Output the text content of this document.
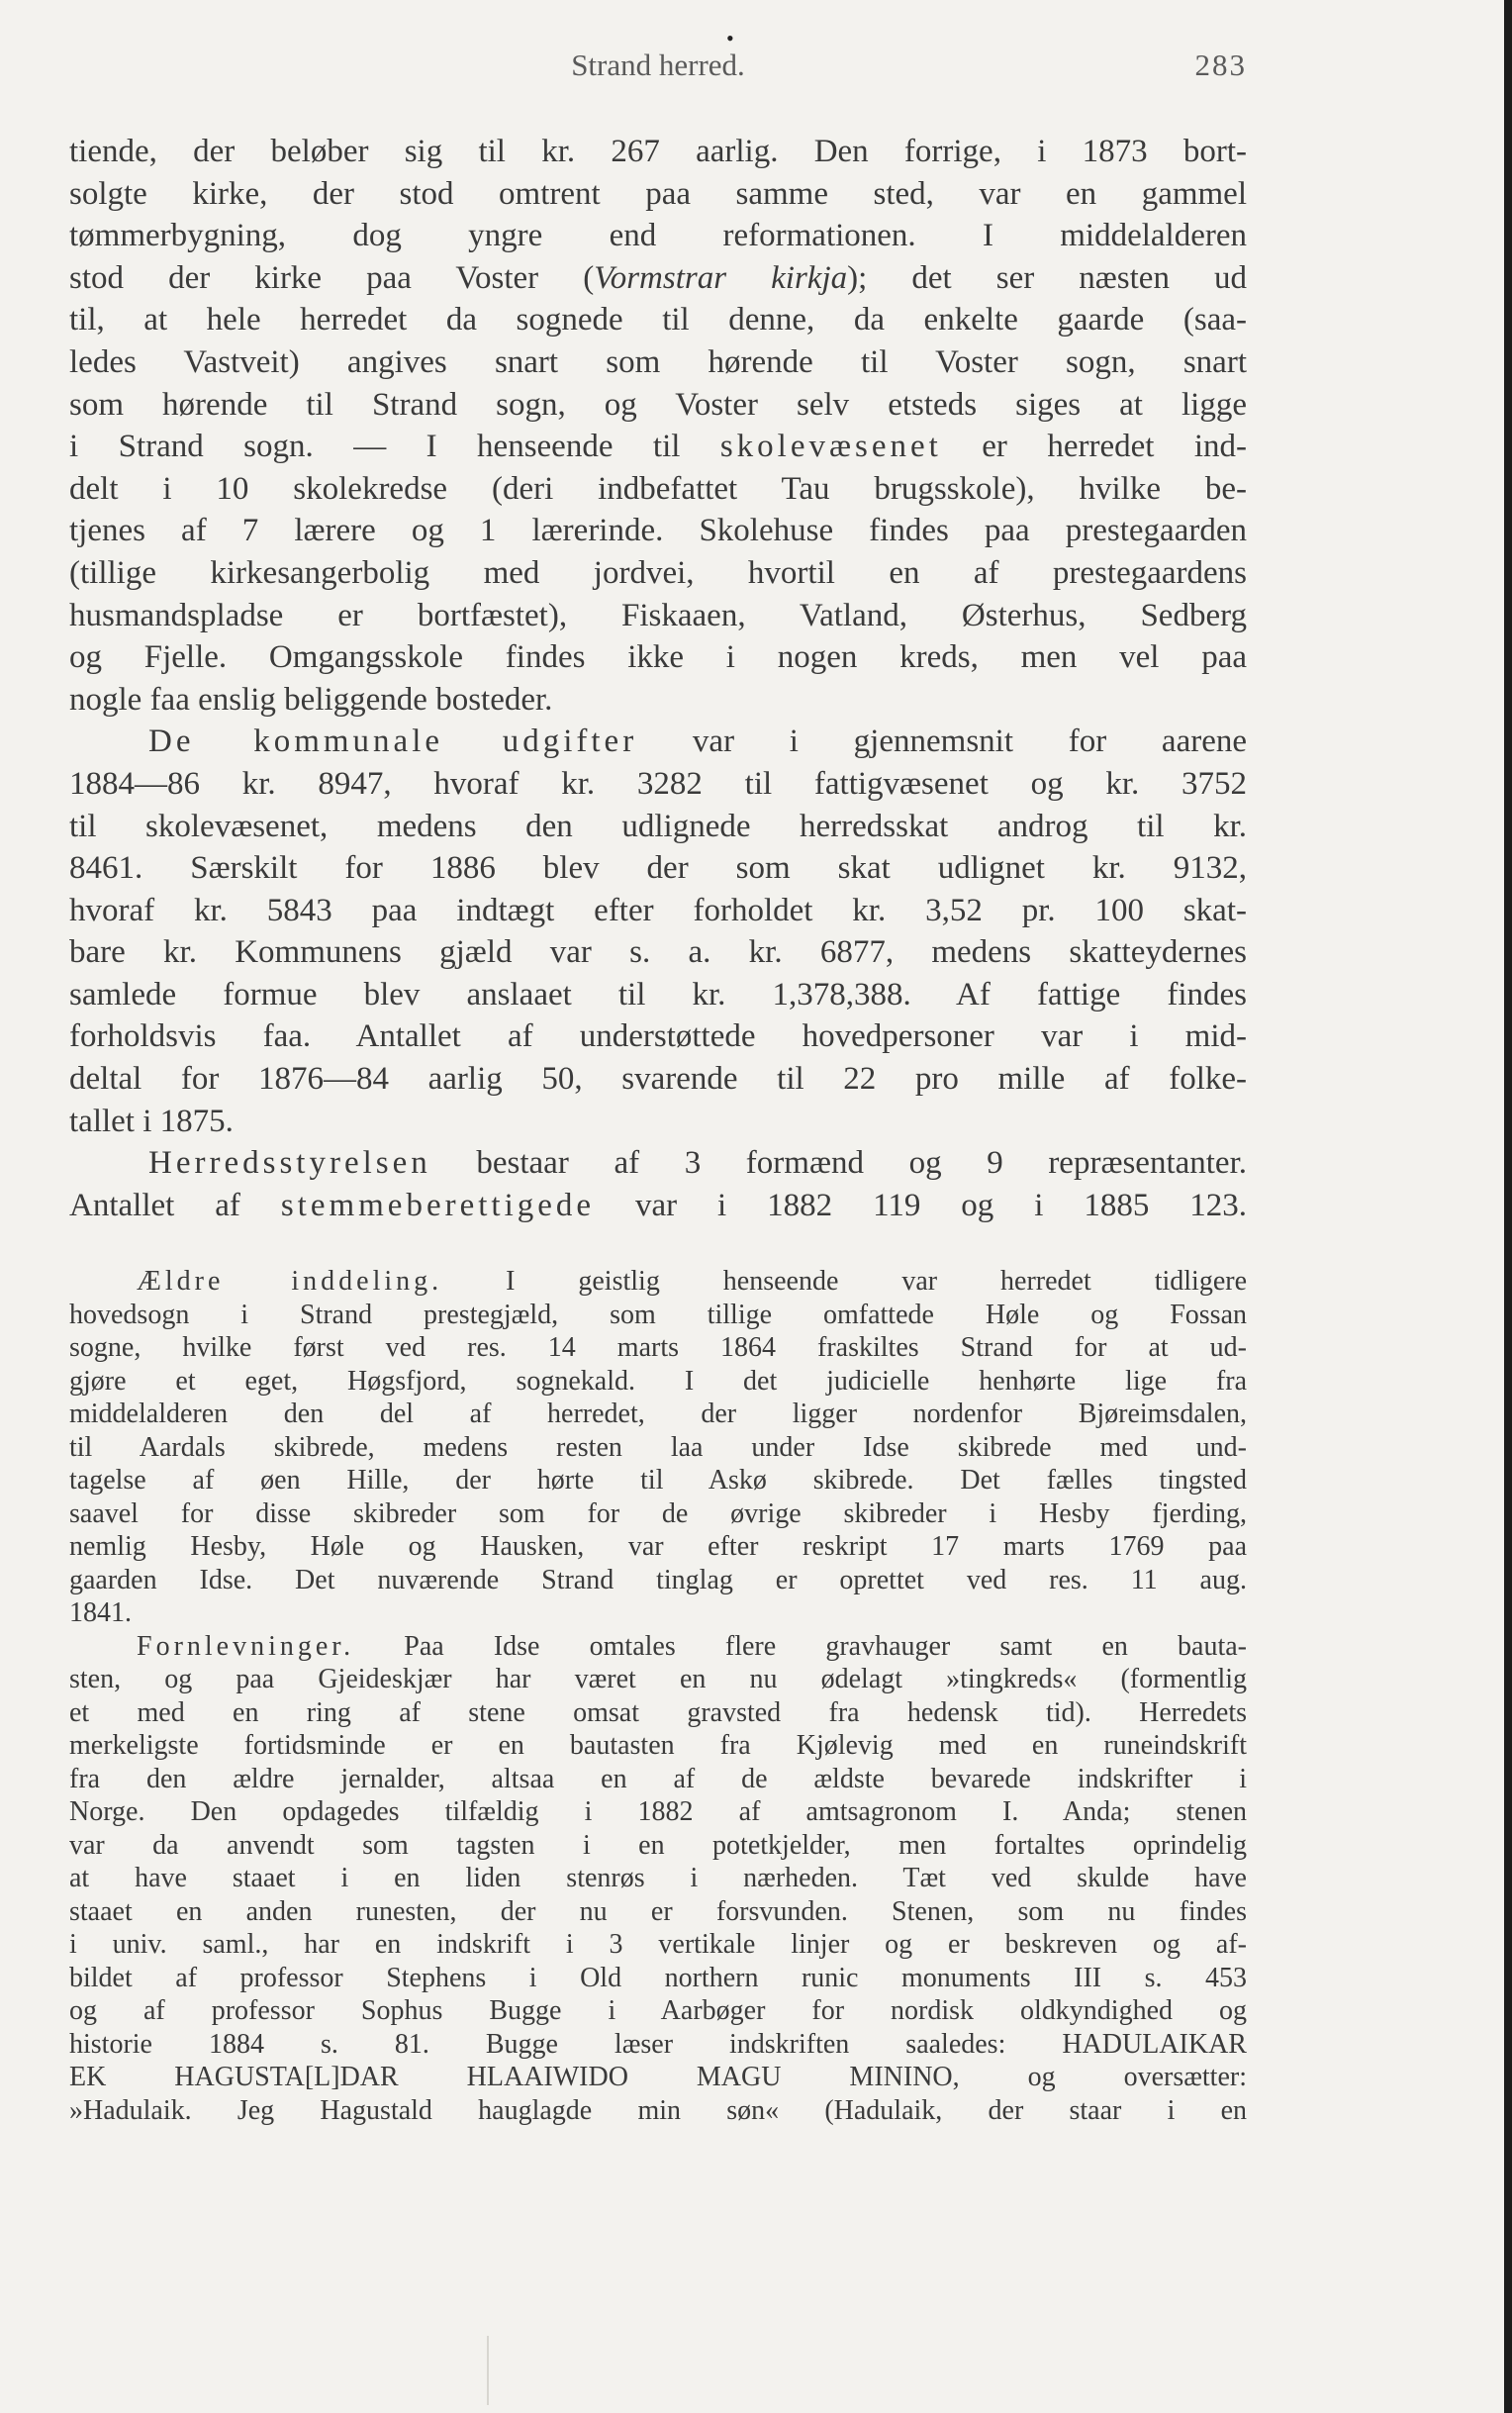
•
Strand herred.	283
tiende, der beløber sig til kr. 267 aarlig. Den forrige, i 1873 bort-
solgte kirke, der stod omtrent paa samme sted, var en gammel
tømmerbygning, dog yngre end reformationen. I middelalderen
stod der kirke paa Voster (Vormstrar kirkja); det ser næsten ud
til, at hele herredet da sognede til denne, da enkelte gaarde (saa-
ledes Vastveit) angives snart som hørende til Voster sogn, snart
som hørende til Strand sogn, og Voster selv etsteds siges at ligge
i Strand sogn. — I henseende til skolevæsenet er herredet ind-
delt i 10 skolekredse (deri indbefattet Tau brugsskole), hvilke be-
tjenes af 7 lærere og 1 lærerinde. Skolehuse findes paa prestegaarden
(tillige kirkesangerbolig med jordvei, hvortil en af prestegaardens
husmandspladse er bortfæstet), Fiskaaen, Vatland, Østerhus, Sedberg
og Fjelle. Omgangsskole findes ikke i nogen kreds, men vel paa
nogle faa enslig beliggende bosteder.
De kommunale udgifter var i gjennemsnit for aarene
1884—86 kr. 8947, hvoraf kr. 3282 til fattigvæsenet og kr. 3752
til skolevæsenet, medens den udlignede herredsskat androg til kr.
8461. Særskilt for 1886 blev der som skat udlignet kr. 9132,
hvoraf kr. 5843 paa indtægt efter forholdet kr. 3,52 pr. 100 skat-
bare kr. Kommunens gjæld var s. a. kr. 6877, medens skatteydernes
samlede formue blev anslaaet til kr. 1,378,388. Af fattige findes
forholdsvis faa. Antallet af understøttede hovedpersoner var i mid-
deltal for 1876—84 aarlig 50, svarende til 22 pro mille af folke-
tallet i 1875.
Herredsstyrelsen bestaar af 3 formænd og 9 repræsentanter.
Antallet af stemmeberettigede var i 1882 119 og i 1885 123.
Ældre inddeling. I geistlig henseende var herredet tidligere
hovedsogn i Strand prestegjæld, som tillige omfattede Høle og Fossan
sogne, hvilke først ved res. 14 marts 1864 fraskiltes Strand for at ud-
gjøre et eget, Høgsfjord, sognekald. I det judicielle henhørte lige fra
middelalderen den del af herredet, der ligger nordenfor Bjøreimsdalen,
til Aardals skibrede, medens resten laa under Idse skibrede med und-
tagelse af øen Hille, der hørte til Askø skibrede. Det fælles tingsted
saavel for disse skibreder som for de øvrige skibreder i Hesby fjerding,
nemlig Hesby, Høle og Hausken, var efter reskript 17 marts 1769 paa
gaarden Idse. Det nuværende Strand tinglag er oprettet ved res. 11 aug.
1841.
Fornlevninger. Paa Idse omtales flere gravhauger samt en bauta-
sten, og paa Gjeideskjær har været en nu ødelagt »tingkreds« (formentlig
et med en ring af stene omsat gravsted fra hedensk tid). Herredets
merkeligste fortidsminde er en bautasten fra Kjølevig med en runeindskrift
fra den ældre jernalder, altsaa en af de ældste bevarede indskrifter i
Norge. Den opdagedes tilfældig i 1882 af amtsagronom I. Anda; stenen
var da anvendt som tagsten i en potetkjelder, men fortaltes oprindelig
at have staaet i en liden stenrøs i nærheden. Tæt ved skulde have
staaet en anden runesten, der nu er forsvunden. Stenen, som nu findes
i univ. saml., har en indskrift i 3 vertikale linjer og er beskreven og af-
bildet af professor Stephens i Old northern runic monuments III s. 453
og af professor Sophus Bugge i Aarbøger for nordisk oldkyndighed og
historie 1884 s. 81. Bugge læser indskriften saaledes: HADULAIKAR
EK HAGUSTA[L]DAR HLAAIWIDO MAGU MININO, og oversætter:
»Hadulaik. Jeg Hagustald hauglagde min søn« (Hadulaik, der staar i en
